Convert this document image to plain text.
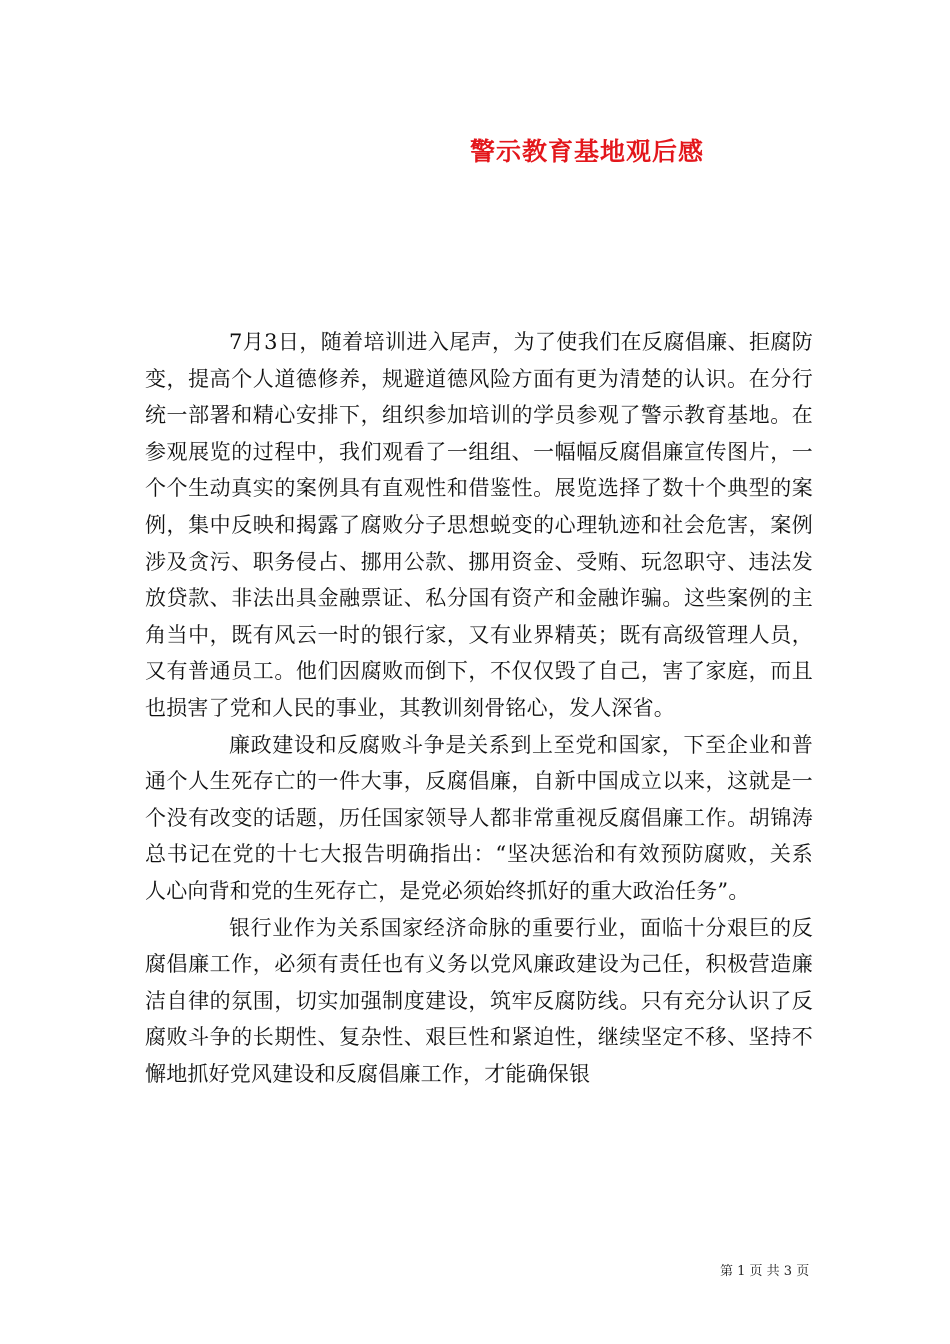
警示教育基地观后感

7月3日，随着培训进入尾声，为了使我们在反腐倡廉、拒腐防变，提高个人道德修养，规避道德风险方面有更为清楚的认识。在分行统一部署和精心安排下，组织参加培训的学员参观了警示教育基地。在参观展览的过程中，我们观看了一组组、一幅幅反腐倡廉宣传图片，一个个生动真实的案例具有直观性和借鉴性。展览选择了数十个典型的案例，集中反映和揭露了腐败分子思想蜕变的心理轨迹和社会危害，案例涉及贪污、职务侵占、挪用公款、挪用资金、受贿、玩忽职守、违法发放贷款、非法出具金融票证、私分国有资产和金融诈骗。这些案例的主角当中，既有风云一时的银行家，又有业界精英；既有高级管理人员，又有普通员工。他们因腐败而倒下，不仅仅毁了自己，害了家庭，而且也损害了党和人民的事业，其教训刻骨铭心，发人深省。

廉政建设和反腐败斗争是关系到上至党和国家，下至企业和普通个人生死存亡的一件大事，反腐倡廉，自新中国成立以来，这就是一个没有改变的话题，历任国家领导人都非常重视反腐倡廉工作。胡锦涛总书记在党的十七大报告明确指出：“坚决惩治和有效预防腐败，关系人心向背和党的生死存亡，是党必须始终抓好的重大政治任务”。

银行业作为关系国家经济命脉的重要行业，面临十分艰巨的反腐倡廉工作，必须有责任也有义务以党风廉政建设为己任，积极营造廉洁自律的氛围，切实加强制度建设，筑牢反腐防线。只有充分认识了反腐败斗争的长期性、复杂性、艰巨性和紧迫性，继续坚定不移、坚持不懈地抓好党风建设和反腐倡廉工作，才能确保银

第 1 页 共 3 页
